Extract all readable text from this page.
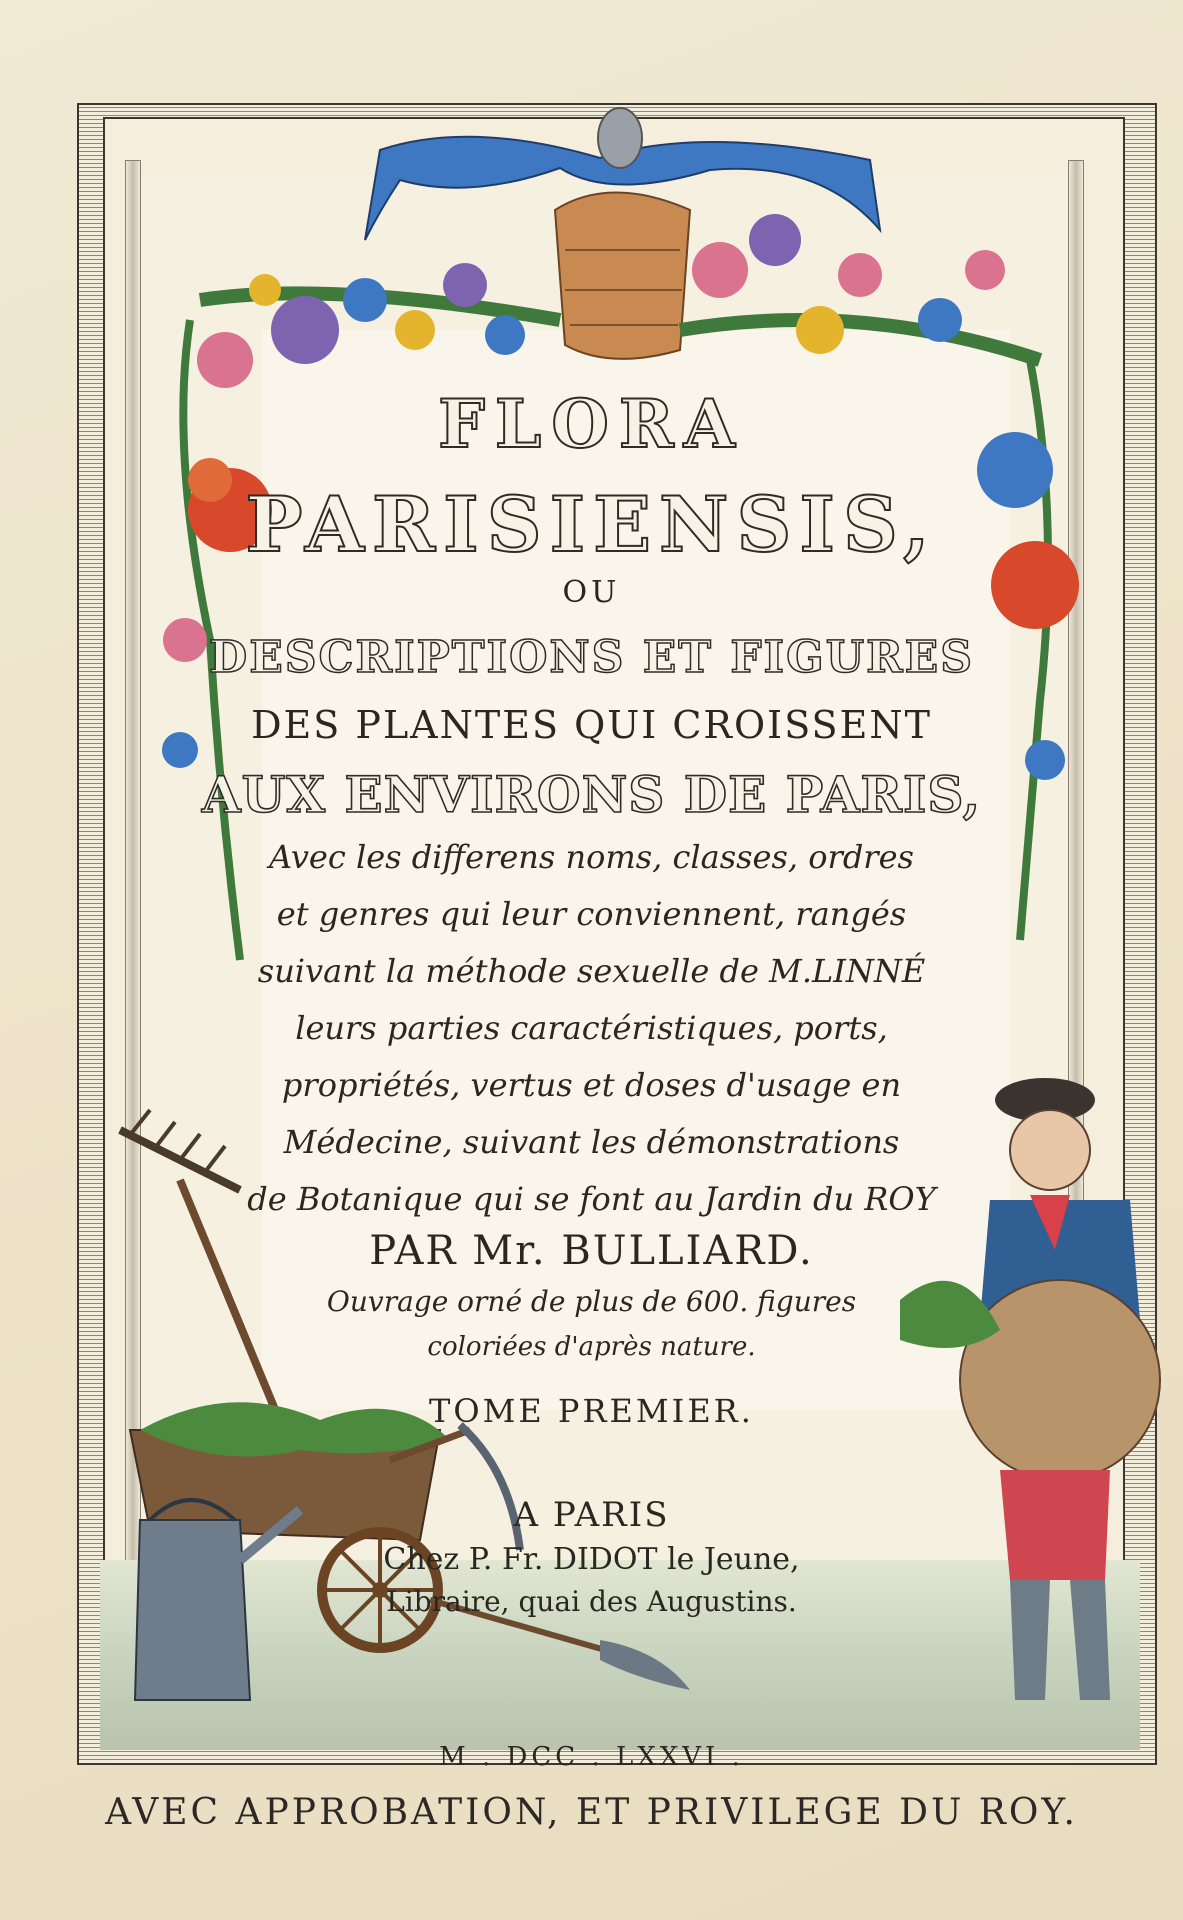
FLORA
PARISIENSIS,
OU
DESCRIPTIONS ET FIGURES
DES PLANTES QUI CROISSENT
AUX ENVIRONS DE PARIS,
Avec les differens noms, classes, ordres
et genres qui leur conviennent, rangés
suivant la méthode sexuelle de M.LINNÉ
leurs parties caractéristiques, ports,
propriétés, vertus et doses d'usage en
Médecine, suivant les démonstrations
de Botanique qui se font au Jardin du ROY
PAR Mr. BULLIARD.
Ouvrage orné de plus de 600. figures
coloriées d'après nature.
TOME PREMIER.
A PARIS
Chez P. Fr. DIDOT le Jeune,
Libraire, quai des Augustins.
M . DCC . LXXVI .
AVEC APPROBATION, ET PRIVILEGE DU ROY.
